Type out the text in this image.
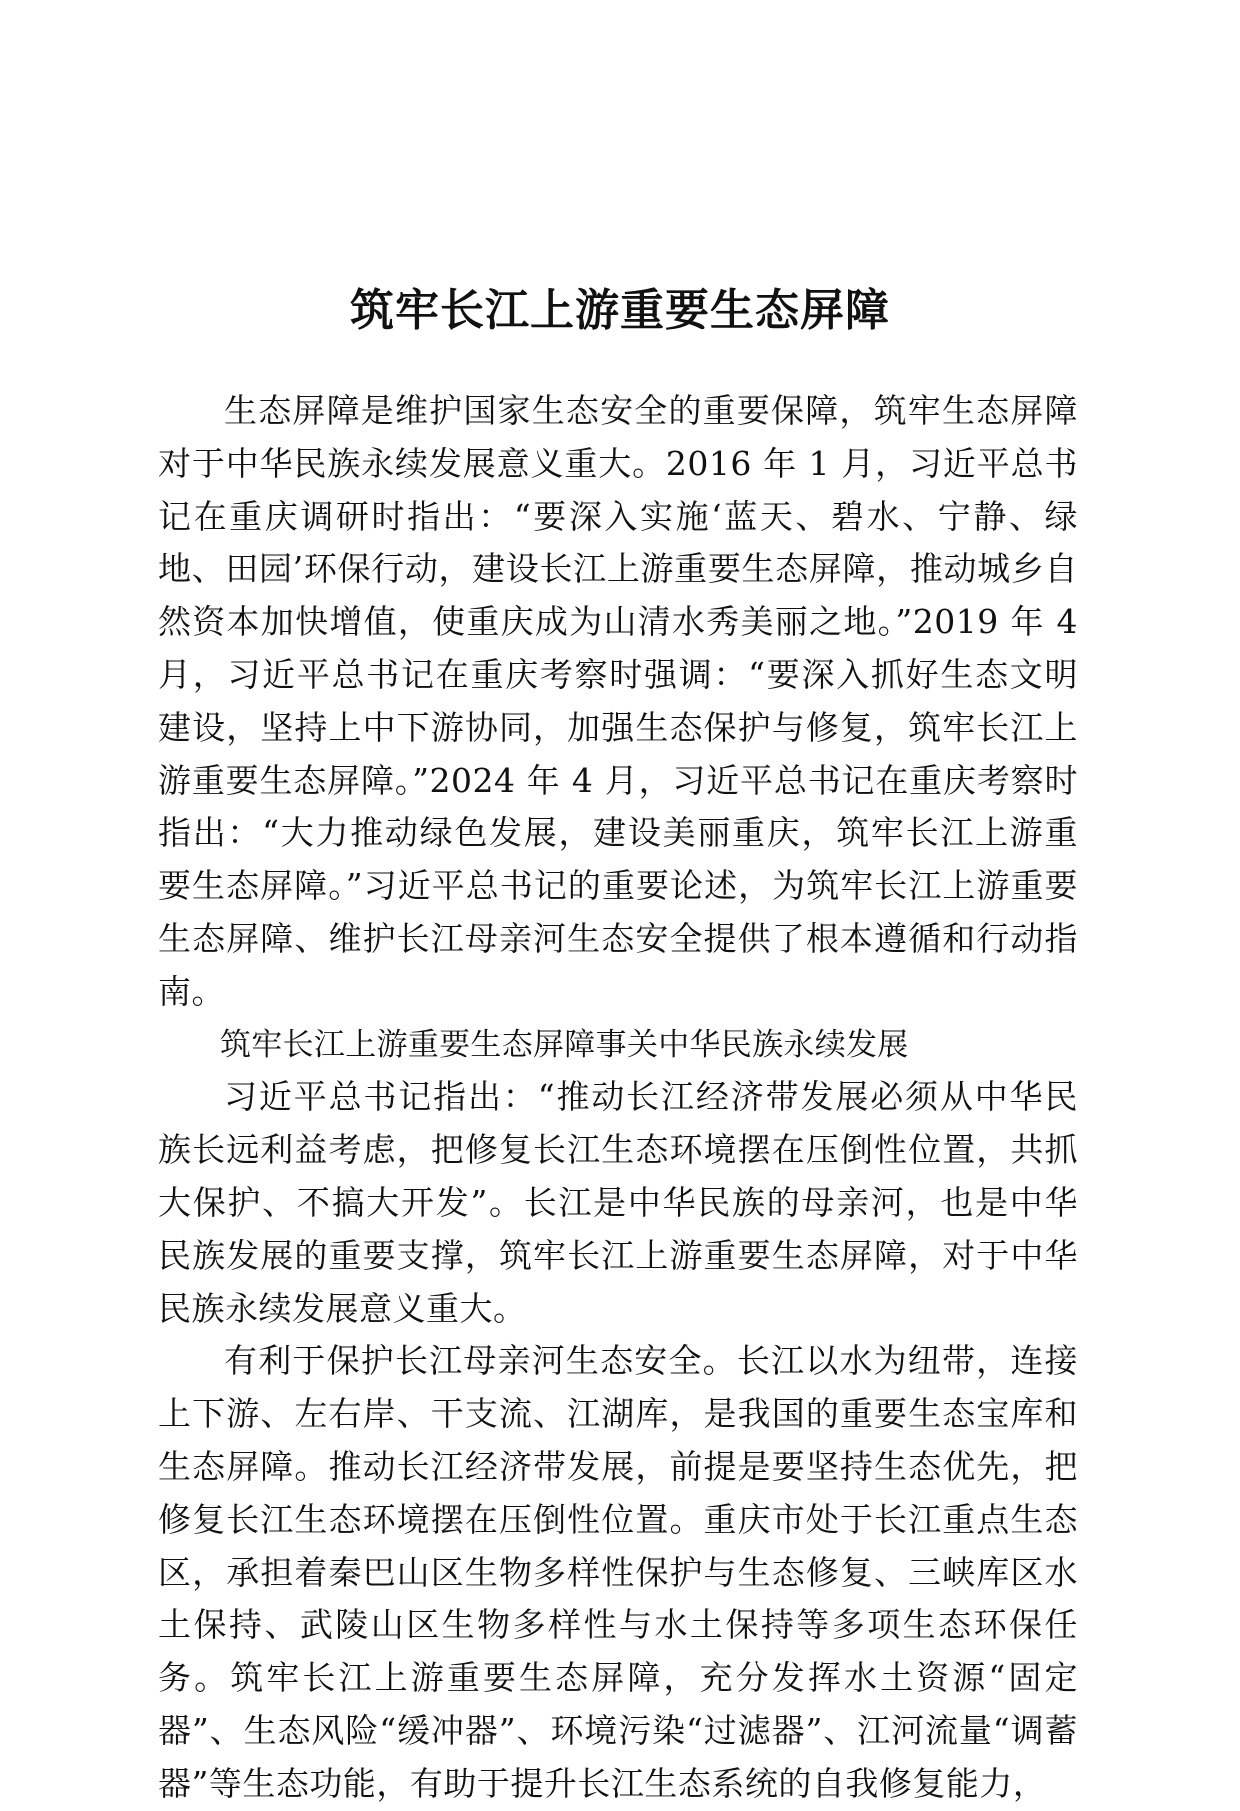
筑牢长江上游重要生态屏障

生态屏障是维护国家生态安全的重要保障，筑牢生态屏障对于中华民族永续发展意义重大。2016 年 1 月，习近平总书记在重庆调研时指出：“要深入实施‘蓝天、碧水、宁静、绿地、田园’环保行动，建设长江上游重要生态屏障，推动城乡自然资本加快增值，使重庆成为山清水秀美丽之地。”2019 年 4 月，习近平总书记在重庆考察时强调：“要深入抓好生态文明建设，坚持上中下游协同，加强生态保护与修复，筑牢长江上游重要生态屏障。”2024 年 4 月，习近平总书记在重庆考察时指出：“大力推动绿色发展，建设美丽重庆，筑牢长江上游重要生态屏障。”习近平总书记的重要论述，为筑牢长江上游重要生态屏障、维护长江母亲河生态安全提供了根本遵循和行动指南。

筑牢长江上游重要生态屏障事关中华民族永续发展

习近平总书记指出：“推动长江经济带发展必须从中华民族长远利益考虑，把修复长江生态环境摆在压倒性位置，共抓大保护、不搞大开发”。长江是中华民族的母亲河，也是中华民族发展的重要支撑，筑牢长江上游重要生态屏障，对于中华民族永续发展意义重大。

有利于保护长江母亲河生态安全。长江以水为纽带，连接上下游、左右岸、干支流、江湖库，是我国的重要生态宝库和生态屏障。推动长江经济带发展，前提是要坚持生态优先，把修复长江生态环境摆在压倒性位置。重庆市处于长江重点生态区，承担着秦巴山区生物多样性保护与生态修复、三峡库区水土保持、武陵山区生物多样性与水土保持等多项生态环保任务。筑牢长江上游重要生态屏障，充分发挥水土资源“固定器”、生态风险“缓冲器”、环境污染“过滤器”、江河流量“调蓄器”等生态功能，有助于提升长江生态系统的自我修复能力，
